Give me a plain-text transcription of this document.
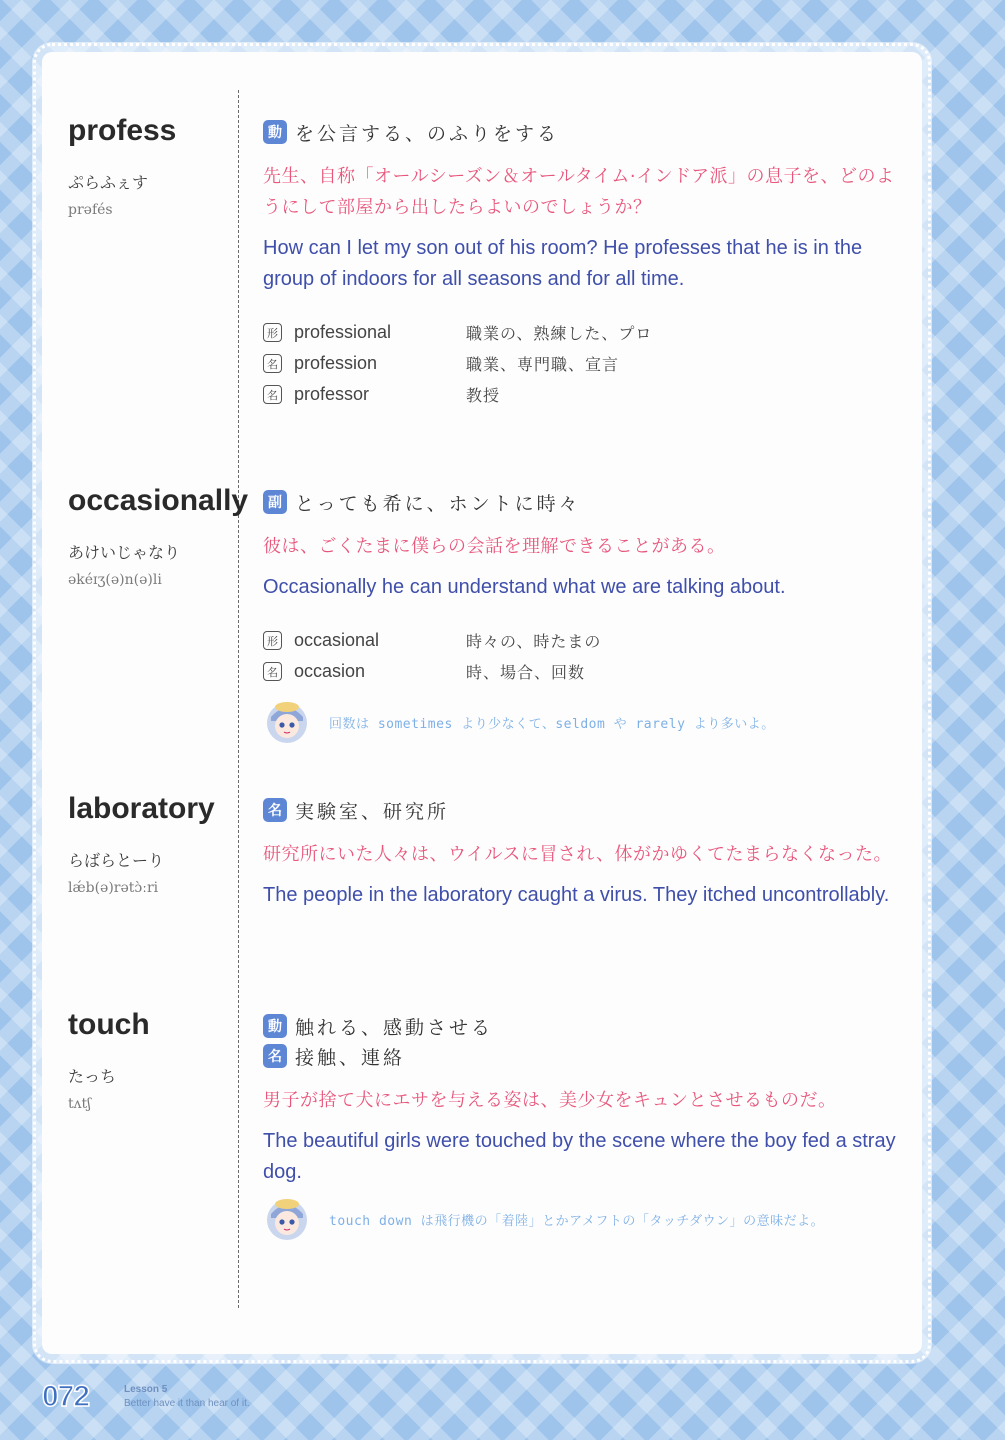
profess
ぷらふぇす
prəfés
動 を公言する、のふりをする

先生、自称「オールシーズン＆オールタイム·インドア派」の息子を、どのようにして部屋から出したらよいのでしょうか？

How can I let my son out of his room? He professes that he is in the group of indoors for all seasons and for all time.

形 professional	職業の、熟練した、プロ
名 profession	職業、専門職、宣言
名 professor	教授
occasionally
あけいじゃなり
əkéɪʒ(ə)n(ə)li
副 とっても希に、ホントに時々

彼は、ごくたまに僕らの会話を理解できることがある。

Occasionally he can understand what we are talking about.

形 occasional	時々の、時たまの
名 occasion	時、場合、回数
回数は sometimes より少なくて、seldom や rarely より多いよ。
laboratory
らばらとーり
lǽb(ə)rətɔ̀ːri
名 実験室、研究所

研究所にいた人々は、ウイルスに冒され、体がかゆくてたまらなくなった。

The people in the laboratory caught a virus. They itched uncontrollably.

touch
たっち
tʌtʃ
動 触れる、感動させる
名 接触、連絡

男子が捨て犬にエサを与える姿は、美少女をキュンとさせるものだ。

The beautiful girls were touched by the scene where the boy fed a stray dog.

touch down は飛行機の「着陸」とかアメフトの「タッチダウン」の意味だよ。
072	Lesson 5
Better have it than hear of it.
